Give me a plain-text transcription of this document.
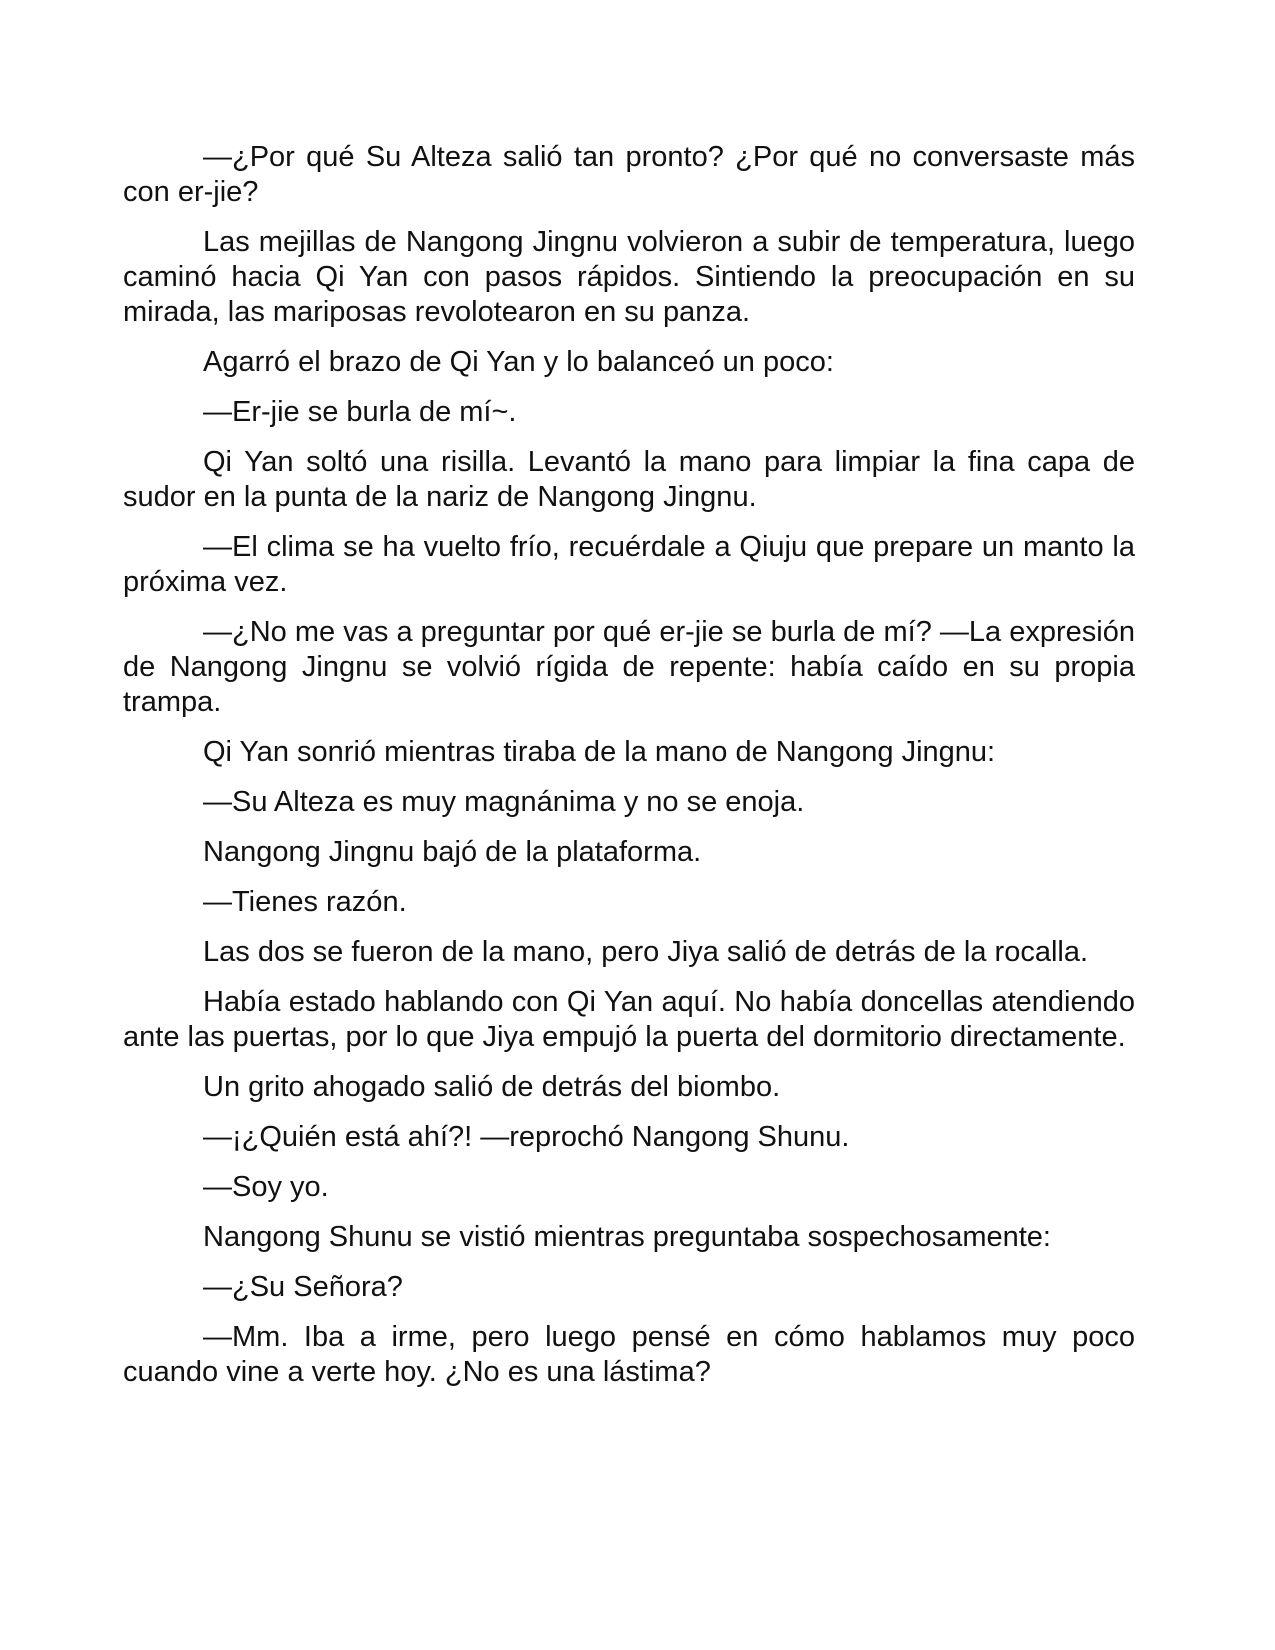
—¿Por qué Su Alteza salió tan pronto? ¿Por qué no conversaste más con er-jie?

Las mejillas de Nangong Jingnu volvieron a subir de temperatura, luego caminó hacia Qi Yan con pasos rápidos. Sintiendo la preocupación en su mirada, las mariposas revolotearon en su panza.

Agarró el brazo de Qi Yan y lo balanceó un poco:

—Er-jie se burla de mí~.

Qi Yan soltó una risilla. Levantó la mano para limpiar la fina capa de sudor en la punta de la nariz de Nangong Jingnu.

—El clima se ha vuelto frío, recuérdale a Qiuju que prepare un manto la próxima vez.

—¿No me vas a preguntar por qué er-jie se burla de mí? —La expresión de Nangong Jingnu se volvió rígida de repente: había caído en su propia trampa.

Qi Yan sonrió mientras tiraba de la mano de Nangong Jingnu:

—Su Alteza es muy magnánima y no se enoja.

Nangong Jingnu bajó de la plataforma.

—Tienes razón.

Las dos se fueron de la mano, pero Jiya salió de detrás de la rocalla.

Había estado hablando con Qi Yan aquí. No había doncellas atendiendo ante las puertas, por lo que Jiya empujó la puerta del dormitorio directamente.

Un grito ahogado salió de detrás del biombo.

—¡¿Quién está ahí?! —reprochó Nangong Shunu.

—Soy yo.

Nangong Shunu se vistió mientras preguntaba sospechosamente:

—¿Su Señora?

—Mm. Iba a irme, pero luego pensé en cómo hablamos muy poco cuando vine a verte hoy. ¿No es una lástima?
